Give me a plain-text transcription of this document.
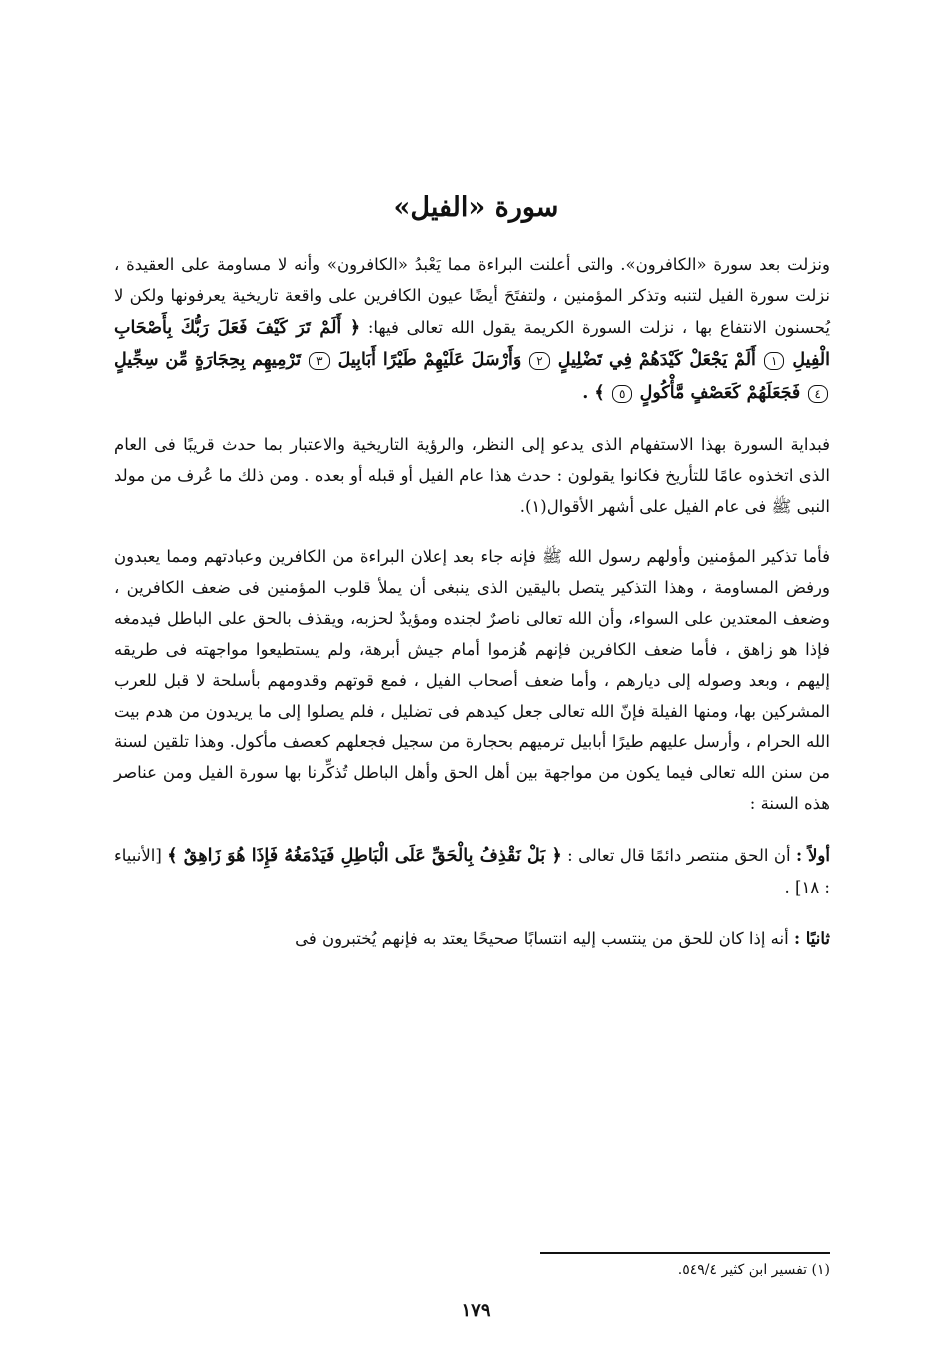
سورة «الفيل»

ونزلت بعد سورة «الكافرون». والتى أعلنت البراءة مما يَعْبدُ «الكافرون» وأنه لا مساومة على العقيدة ، نزلت سورة الفيل لتنبه وتذكر المؤمنين ، ولتفتَحَ أيضًا عيون الكافرين على واقعة تاريخية يعرفونها ولكن لا يُحسنون الانتفاع بها ، نزلت السورة الكريمة يقول الله تعالى فيها: ﴿ أَلَمْ تَرَ كَيْفَ فَعَلَ رَبُّكَ بِأَصْحَابِ الْفِيلِ ١ أَلَمْ يَجْعَلْ كَيْدَهُمْ فِي تَضْلِيلٍ ٢ وَأَرْسَلَ عَلَيْهِمْ طَيْرًا أَبَابِيلَ ٣ تَرْمِيهِم بِحِجَارَةٍ مِّن سِجِّيلٍ ٤ فَجَعَلَهُمْ كَعَصْفٍ مَّأْكُولٍ ٥ ﴾ .

فبداية السورة بهذا الاستفهام الذى يدعو إلى النظر، والرؤية التاريخية والاعتبار بما حدث قريبًا فى العام الذى اتخذوه عامًا للتأريخ فكانوا يقولون : حدث هذا عام الفيل أو قبله أو بعده . ومن ذلك ما عُرف من مولد النبى ﷺ فى عام الفيل على أشهر الأقوال(١).

فأما تذكير المؤمنين وأولهم رسول الله ﷺ فإنه جاء بعد إعلان البراءة من الكافرين وعبادتهم ومما يعبدون ورفض المساومة ، وهذا التذكير يتصل باليقين الذى ينبغى أن يملأ قلوب المؤمنين فى ضعف الكافرين ، وضعف المعتدين على السواء، وأن الله تعالى ناصرٌ لجنده ومؤيدٌ لحزبه، ويقذف بالحق على الباطل فيدمغه فإذا هو زاهق ، فأما ضعف الكافرين فإنهم هُزموا أمام جيش أبرهة، ولم يستطيعوا مواجهته فى طريقه إليهم ، وبعد وصوله إلى ديارهم ، وأما ضعف أصحاب الفيل ، فمع قوتهم وقدومهم بأسلحة لا قبل للعرب المشركين بها، ومنها الفيلة فإنّ الله تعالى جعل كيدهم فى تضليل ، فلم يصلوا إلى ما يريدون من هدم بيت الله الحرام ، وأرسل عليهم طيرًا أبابيل ترميهم بحجارة من سجيل فجعلهم كعصف مأكول. وهذا تلقين لسنة من سنن الله تعالى فيما يكون من مواجهة بين أهل الحق وأهل الباطل تُذكِّرنا بها سورة الفيل ومن عناصر هذه السنة :

أولاً : أن الحق منتصر دائمًا قال تعالى : ﴿ بَلْ نَقْذِفُ بِالْحَقِّ عَلَى الْبَاطِلِ فَيَدْمَغُهُ فَإِذَا هُوَ زَاهِقٌ ﴾ [الأنبياء : ١٨] .

ثانيًا : أنه إذا كان للحق من ينتسب إليه انتسابًا صحيحًا يعتد به فإنهم يُختبرون فى

(١) تفسير ابن كثير ٥٤٩/٤.
١٧٩
